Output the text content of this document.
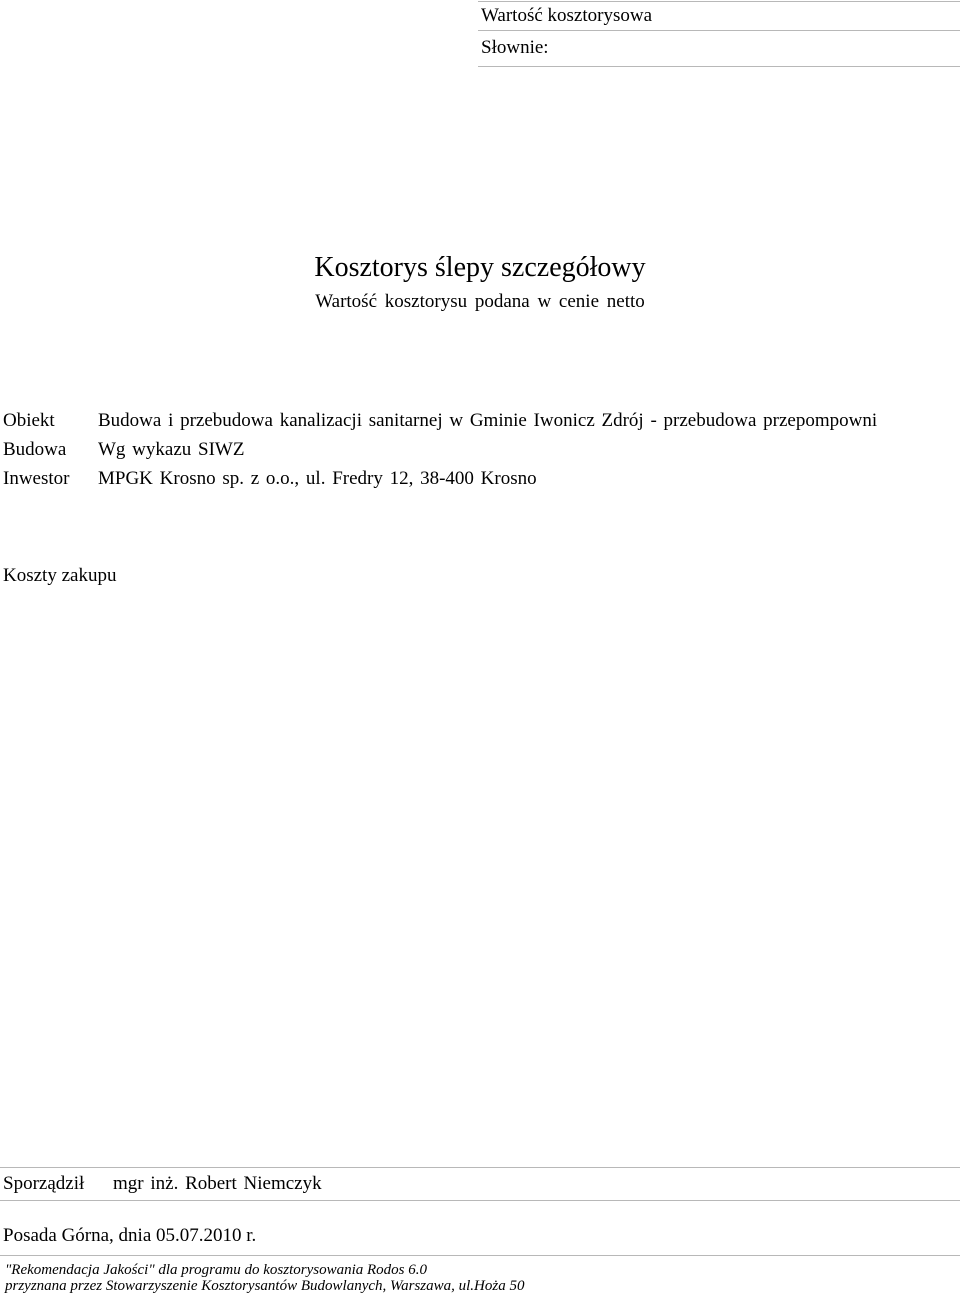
Wartość kosztorysowa
Słownie:
Kosztorys ślepy szczegółowy
Wartość kosztorysu podana w cenie netto
Obiekt Budowa i przebudowa kanalizacji sanitarnej w Gminie Iwonicz Zdrój - przebudowa przepompowni
Budowa Wg wykazu SIWZ
Inwestor MPGK Krosno sp. z o.o., ul. Fredry 12, 38-400 Krosno
Koszty zakupu
Sporządził mgr inż. Robert Niemczyk
Posada Górna, dnia 05.07.2010 r.
"Rekomendacja Jakości" dla programu do kosztorysowania Rodos 6.0
przyznana przez Stowarzyszenie Kosztorysantów Budowlanych, Warszawa, ul.Hoża 50
